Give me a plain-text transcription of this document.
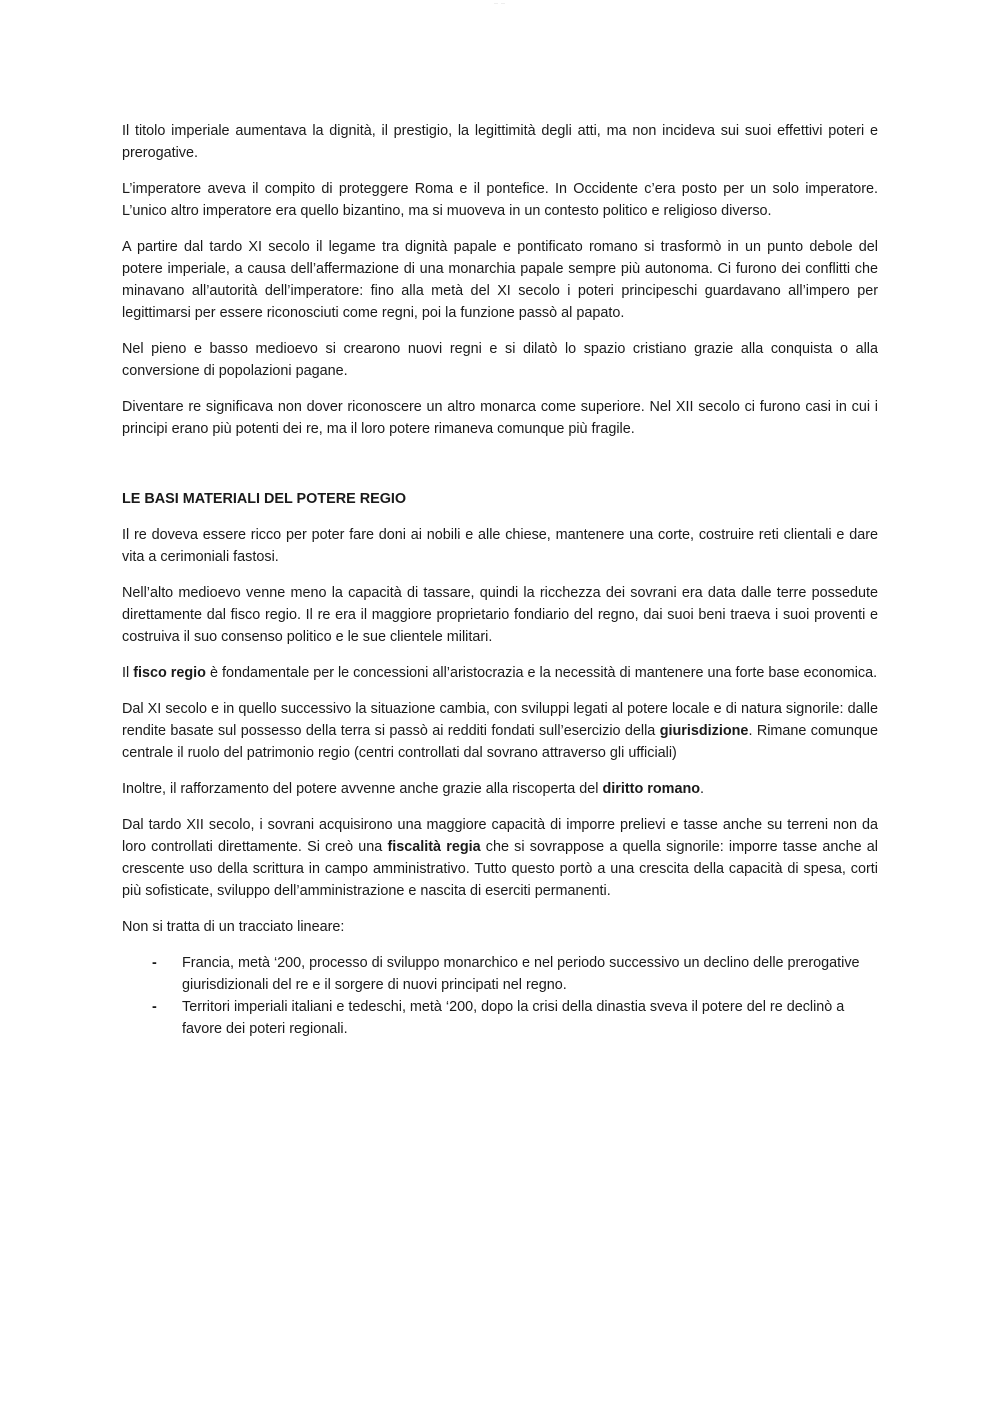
— —

Il titolo imperiale aumentava la dignità, il prestigio, la legittimità degli atti, ma non incideva sui suoi effettivi poteri e prerogative.

L’imperatore aveva il compito di proteggere Roma e il pontefice. In Occidente c’era posto per un solo imperatore. L’unico altro imperatore era quello bizantino, ma si muoveva in un contesto politico e religioso diverso.

A partire dal tardo XI secolo il legame tra dignità papale e pontificato romano si trasformò in un punto debole del potere imperiale, a causa dell’affermazione di una monarchia papale sempre più autonoma. Ci furono dei conflitti che minavano all’autorità dell’imperatore: fino alla metà del XI secolo i poteri principeschi guardavano all’impero per legittimarsi per essere riconosciuti come regni, poi la funzione passò al papato.

Nel pieno e basso medioevo si crearono nuovi regni e si dilatò lo spazio cristiano grazie alla conquista o alla conversione di popolazioni pagane.

Diventare re significava non dover riconoscere un altro monarca come superiore. Nel XII secolo ci furono casi in cui i principi erano più potenti dei re, ma il loro potere rimaneva comunque più fragile.

LE BASI MATERIALI DEL POTERE REGIO

Il re doveva essere ricco per poter fare doni ai nobili e alle chiese, mantenere una corte, costruire reti clientali e dare vita a cerimoniali fastosi.

Nell’alto medioevo venne meno la capacità di tassare, quindi la ricchezza dei sovrani era data dalle terre possedute direttamente dal fisco regio. Il re era il maggiore proprietario fondiario del regno, dai suoi beni traeva i suoi proventi e costruiva il suo consenso politico e le sue clientele militari.

Il fisco regio è fondamentale per le concessioni all’aristocrazia e la necessità di mantenere una forte base economica.

Dal XI secolo e in quello successivo la situazione cambia, con sviluppi legati al potere locale e di natura signorile: dalle rendite basate sul possesso della terra si passò ai redditi fondati sull’esercizio della giurisdizione. Rimane comunque centrale il ruolo del patrimonio regio (centri controllati dal sovrano attraverso gli ufficiali)

Inoltre, il rafforzamento del potere avvenne anche grazie alla riscoperta del diritto romano.

Dal tardo XII secolo, i sovrani acquisirono una maggiore capacità di imporre prelievi e tasse anche su terreni non da loro controllati direttamente. Si creò una fiscalità regia che si sovrappose a quella signorile: imporre tasse anche al crescente uso della scrittura in campo amministrativo. Tutto questo portò a una crescita della capacità di spesa, corti più sofisticate, sviluppo dell’amministrazione e nascita di eserciti permanenti.

Non si tratta di un tracciato lineare:

- Francia, metà ‘200, processo di sviluppo monarchico e nel periodo successivo un declino delle prerogative giurisdizionali del re e il sorgere di nuovi principati nel regno.
- Territori imperiali italiani e tedeschi, metà ‘200, dopo la crisi della dinastia sveva il potere del re declinò a favore dei poteri regionali.
